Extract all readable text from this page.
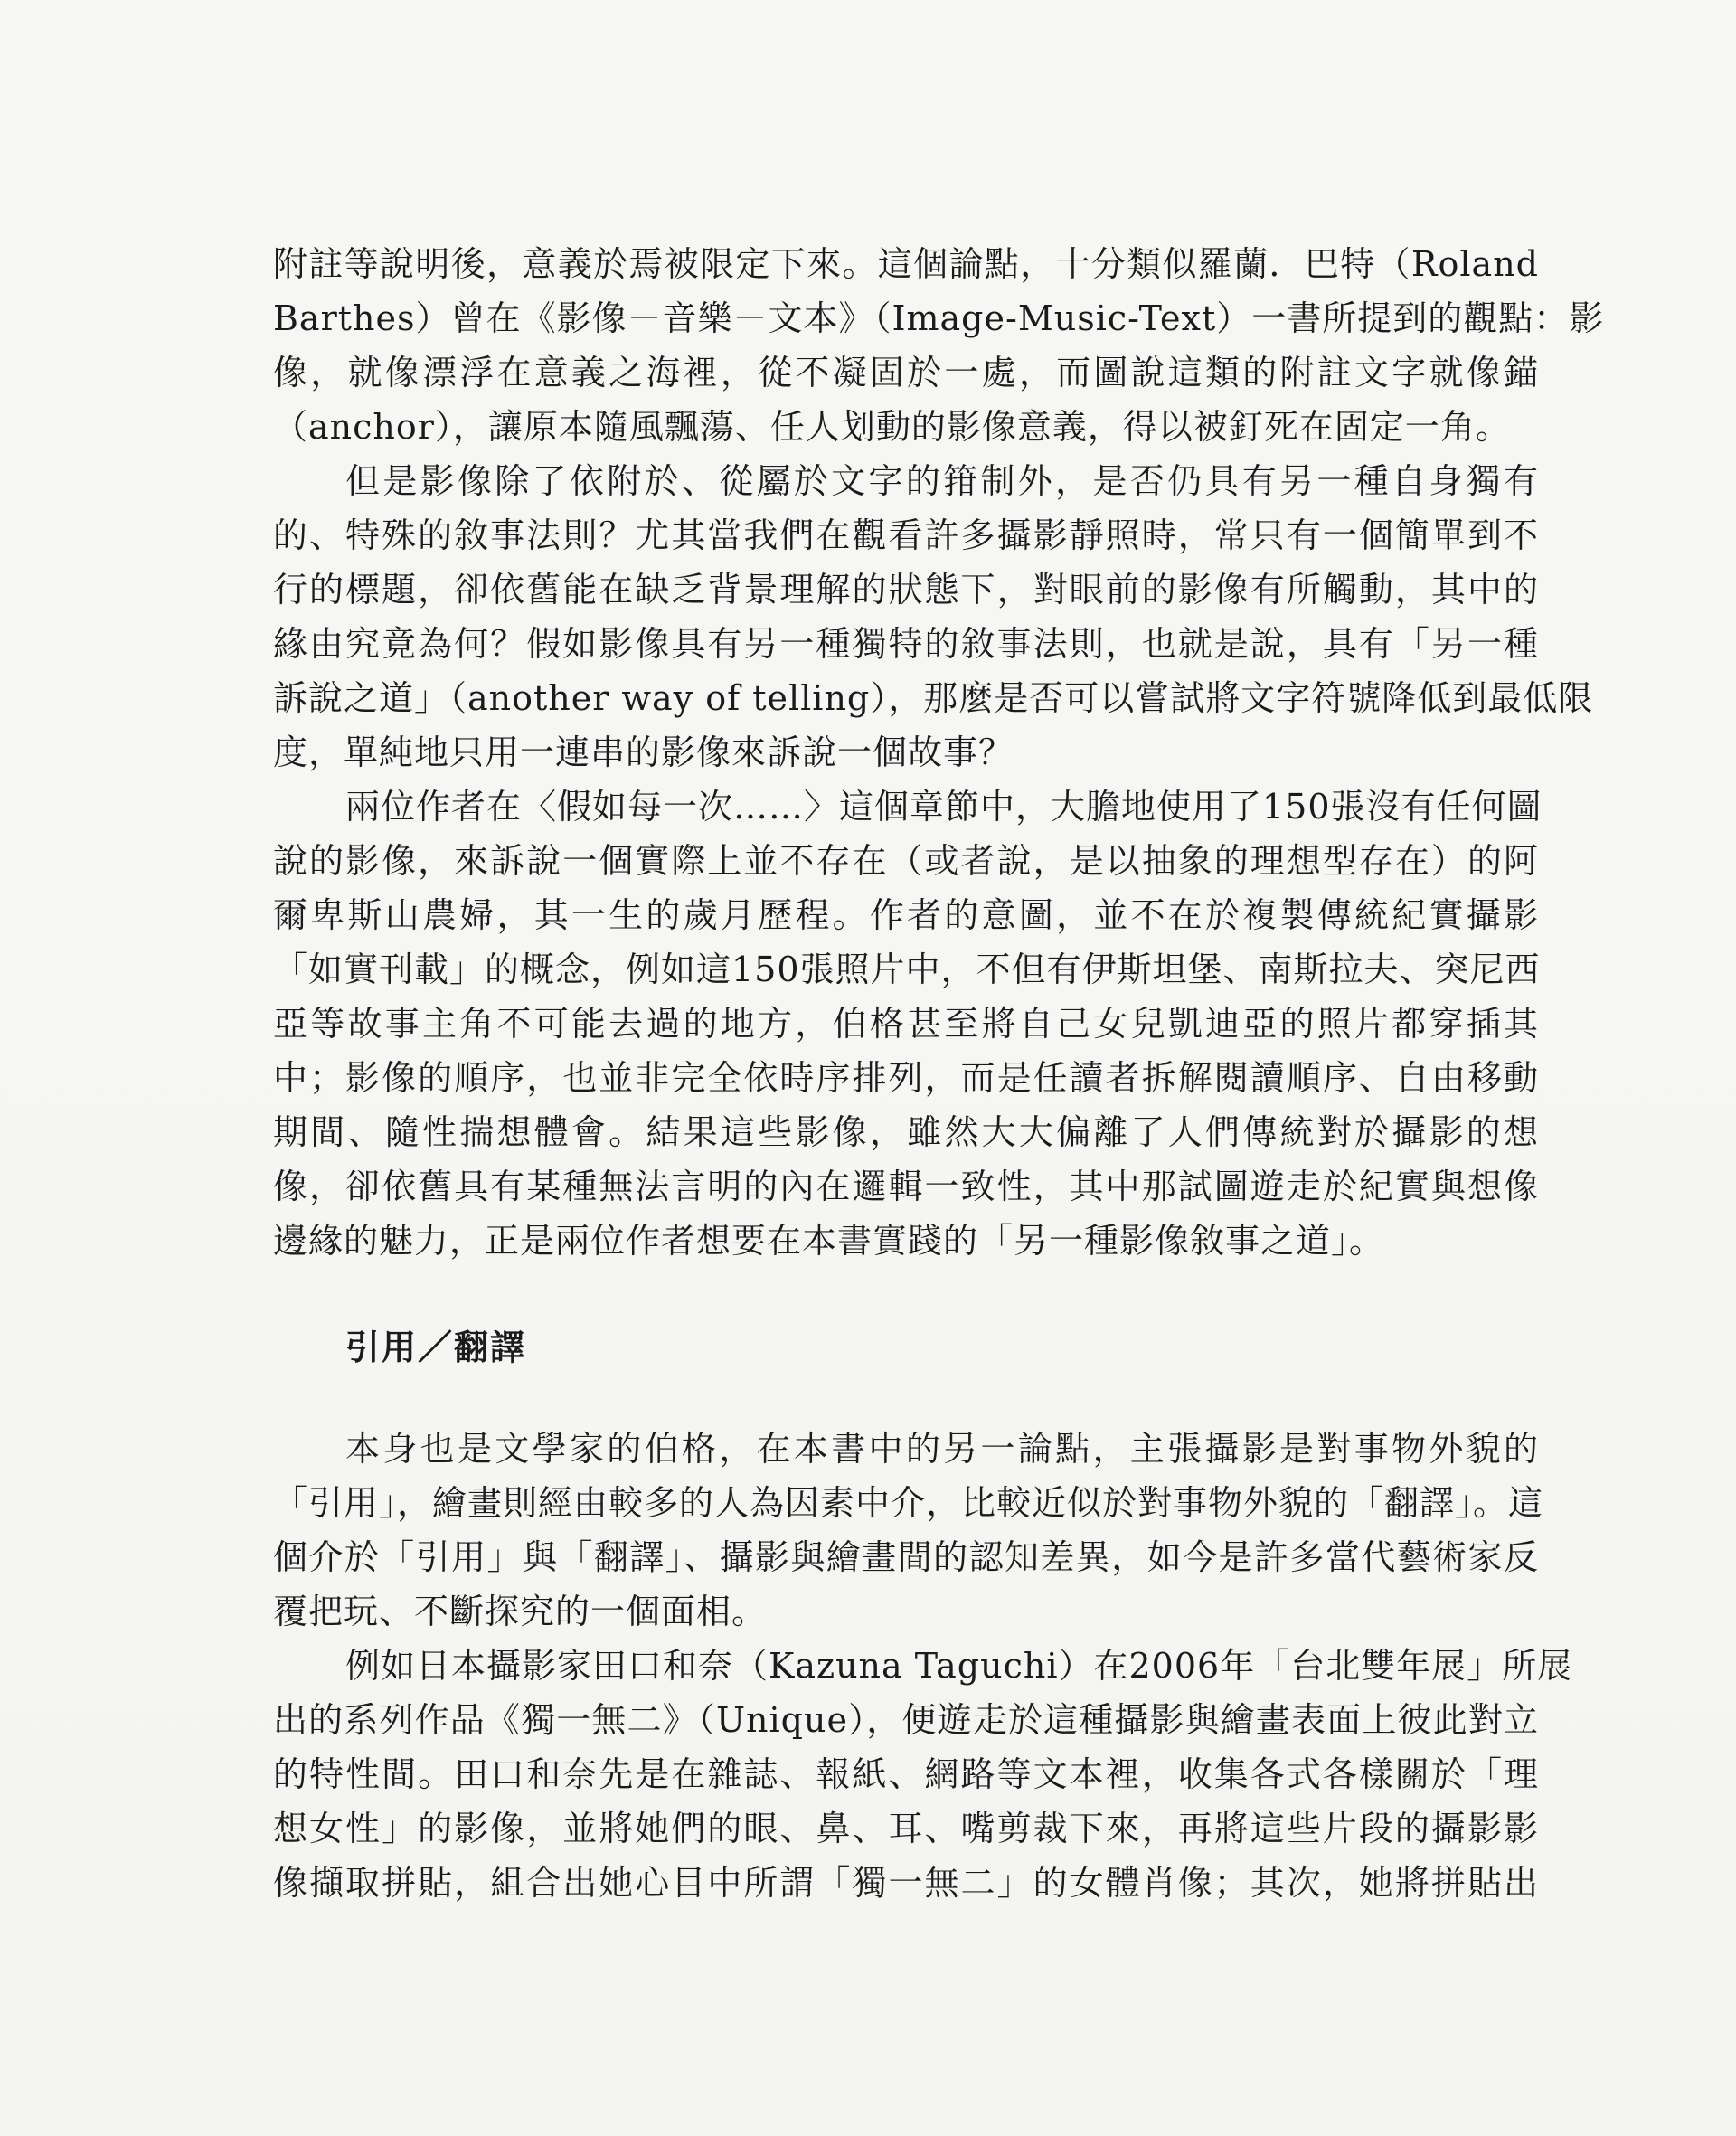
附註等說明後，意義於焉被限定下來。這個論點，十分類似羅蘭．巴特（Roland
Barthes）曾在《影像－音樂－文本》（Image-Music-Text）一書所提到的觀點：影
像，就像漂浮在意義之海裡，從不凝固於一處，而圖說這類的附註文字就像錨
（anchor），讓原本隨風飄蕩、任人划動的影像意義，得以被釘死在固定一角。
但是影像除了依附於、從屬於文字的箝制外，是否仍具有另一種自身獨有
的、特殊的敘事法則？尤其當我們在觀看許多攝影靜照時，常只有一個簡單到不
行的標題，卻依舊能在缺乏背景理解的狀態下，對眼前的影像有所觸動，其中的
緣由究竟為何？假如影像具有另一種獨特的敘事法則，也就是說，具有「另一種
訴說之道」（another way of telling），那麼是否可以嘗試將文字符號降低到最低限
度，單純地只用一連串的影像來訴說一個故事？
兩位作者在〈假如每一次……〉這個章節中，大膽地使用了150張沒有任何圖
說的影像，來訴說一個實際上並不存在（或者說，是以抽象的理想型存在）的阿
爾卑斯山農婦，其一生的歲月歷程。作者的意圖，並不在於複製傳統紀實攝影
「如實刊載」的概念，例如這150張照片中，不但有伊斯坦堡、南斯拉夫、突尼西
亞等故事主角不可能去過的地方，伯格甚至將自己女兒凱迪亞的照片都穿插其
中；影像的順序，也並非完全依時序排列，而是任讀者拆解閱讀順序、自由移動
期間、隨性揣想體會。結果這些影像，雖然大大偏離了人們傳統對於攝影的想
像，卻依舊具有某種無法言明的內在邏輯一致性，其中那試圖遊走於紀實與想像
邊緣的魅力，正是兩位作者想要在本書實踐的「另一種影像敘事之道」。
引用／翻譯
本身也是文學家的伯格，在本書中的另一論點，主張攝影是對事物外貌的
「引用」，繪畫則經由較多的人為因素中介，比較近似於對事物外貌的「翻譯」。這
個介於「引用」與「翻譯」、攝影與繪畫間的認知差異，如今是許多當代藝術家反
覆把玩、不斷探究的一個面相。
例如日本攝影家田口和奈（Kazuna Taguchi）在2006年「台北雙年展」所展
出的系列作品《獨一無二》（Unique），便遊走於這種攝影與繪畫表面上彼此對立
的特性間。田口和奈先是在雜誌、報紙、網路等文本裡，收集各式各樣關於「理
想女性」的影像，並將她們的眼、鼻、耳、嘴剪裁下來，再將這些片段的攝影影
像擷取拼貼，組合出她心目中所謂「獨一無二」的女體肖像；其次，她將拼貼出
